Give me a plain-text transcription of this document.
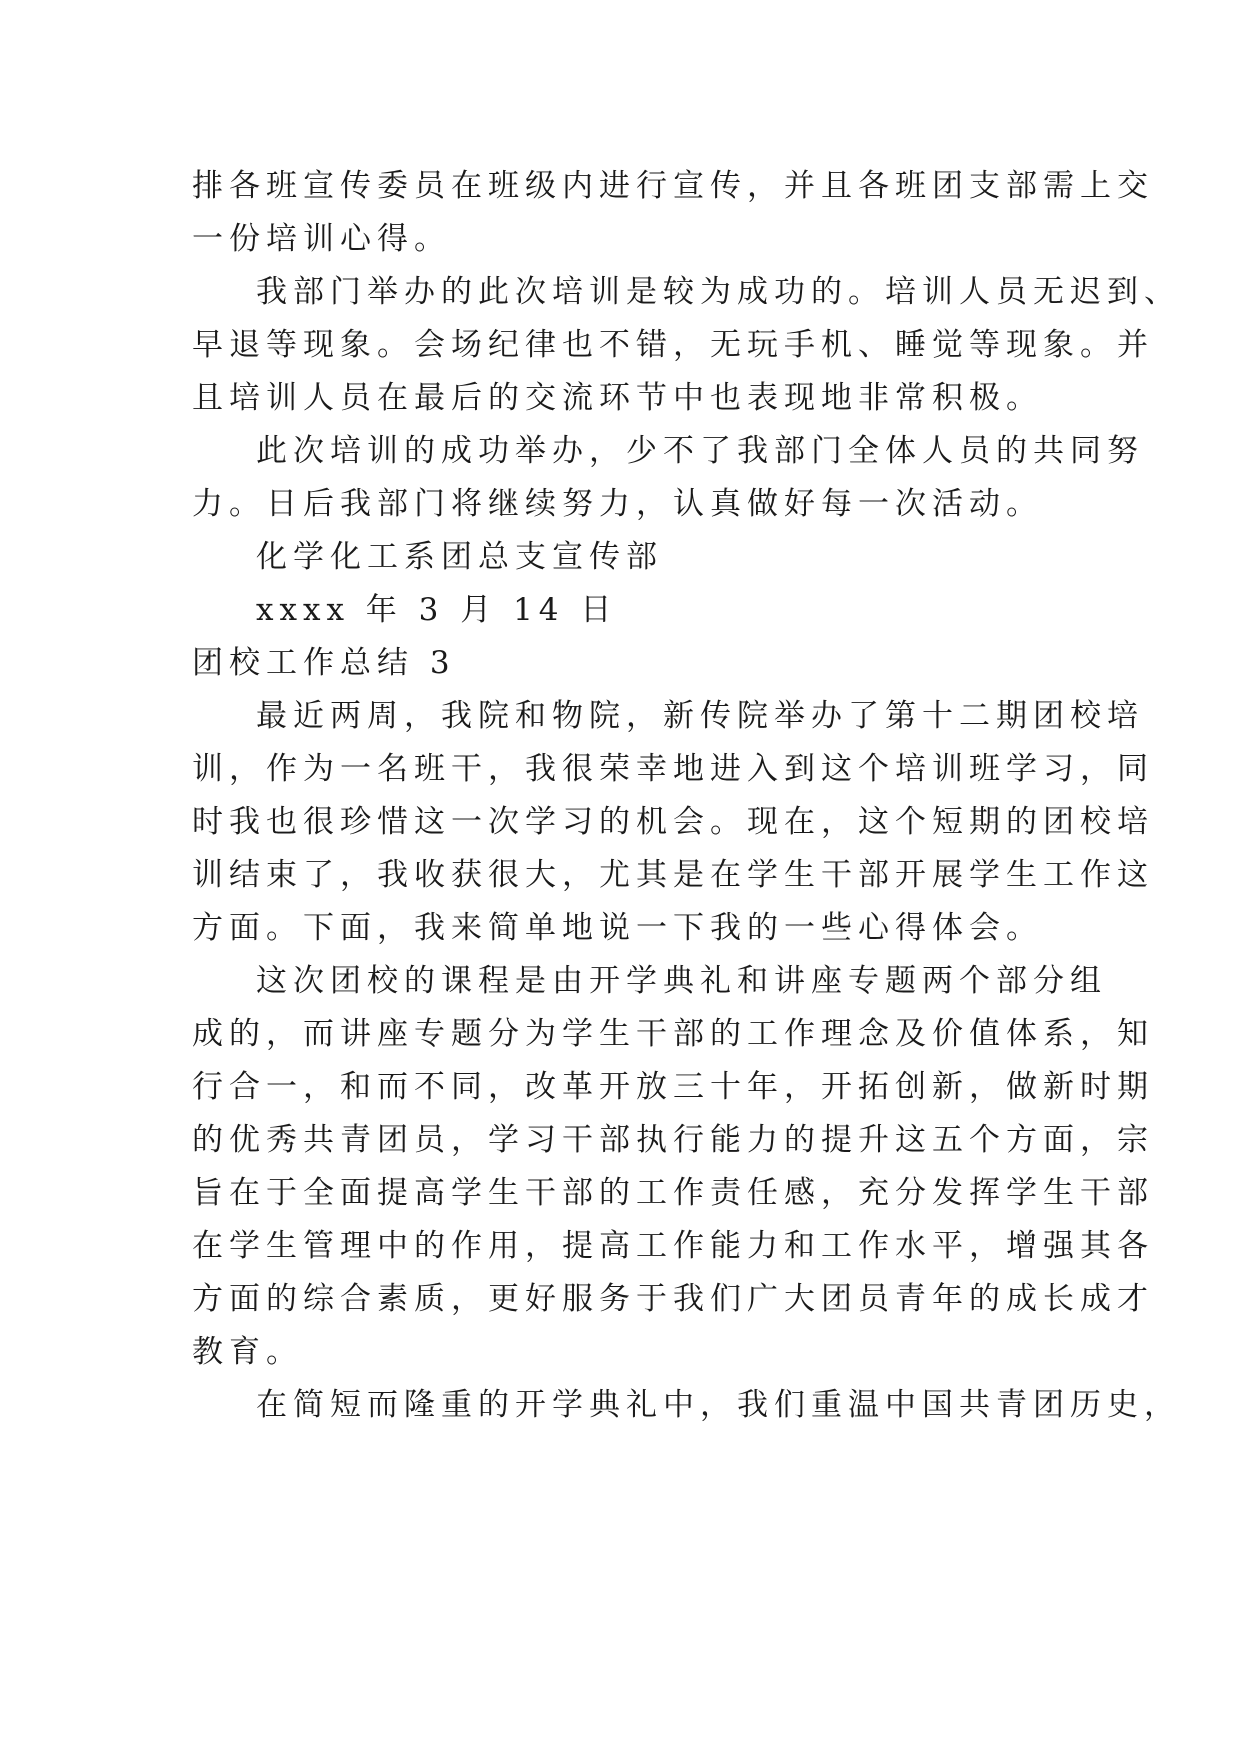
排各班宣传委员在班级内进行宣传，并且各班团支部需上交

一份培训心得。

我部门举办的此次培训是较为成功的。培训人员无迟到、

早退等现象。会场纪律也不错，无玩手机、睡觉等现象。并

且培训人员在最后的交流环节中也表现地非常积极。

此次培训的成功举办，少不了我部门全体人员的共同努

力。日后我部门将继续努力，认真做好每一次活动。

化学化工系团总支宣传部

xxxx 年 3 月 14 日

团校工作总结 3

最近两周，我院和物院，新传院举办了第十二期团校培

训，作为一名班干，我很荣幸地进入到这个培训班学习，同

时我也很珍惜这一次学习的机会。现在，这个短期的团校培

训结束了，我收获很大，尤其是在学生干部开展学生工作这

方面。下面，我来简单地说一下我的一些心得体会。

这次团校的课程是由开学典礼和讲座专题两个部分组

成的，而讲座专题分为学生干部的工作理念及价值体系，知

行合一，和而不同，改革开放三十年，开拓创新，做新时期

的优秀共青团员，学习干部执行能力的提升这五个方面，宗

旨在于全面提高学生干部的工作责任感，充分发挥学生干部

在学生管理中的作用，提高工作能力和工作水平，增强其各

方面的综合素质，更好服务于我们广大团员青年的成长成才

教育。

在简短而隆重的开学典礼中，我们重温中国共青团历史，
